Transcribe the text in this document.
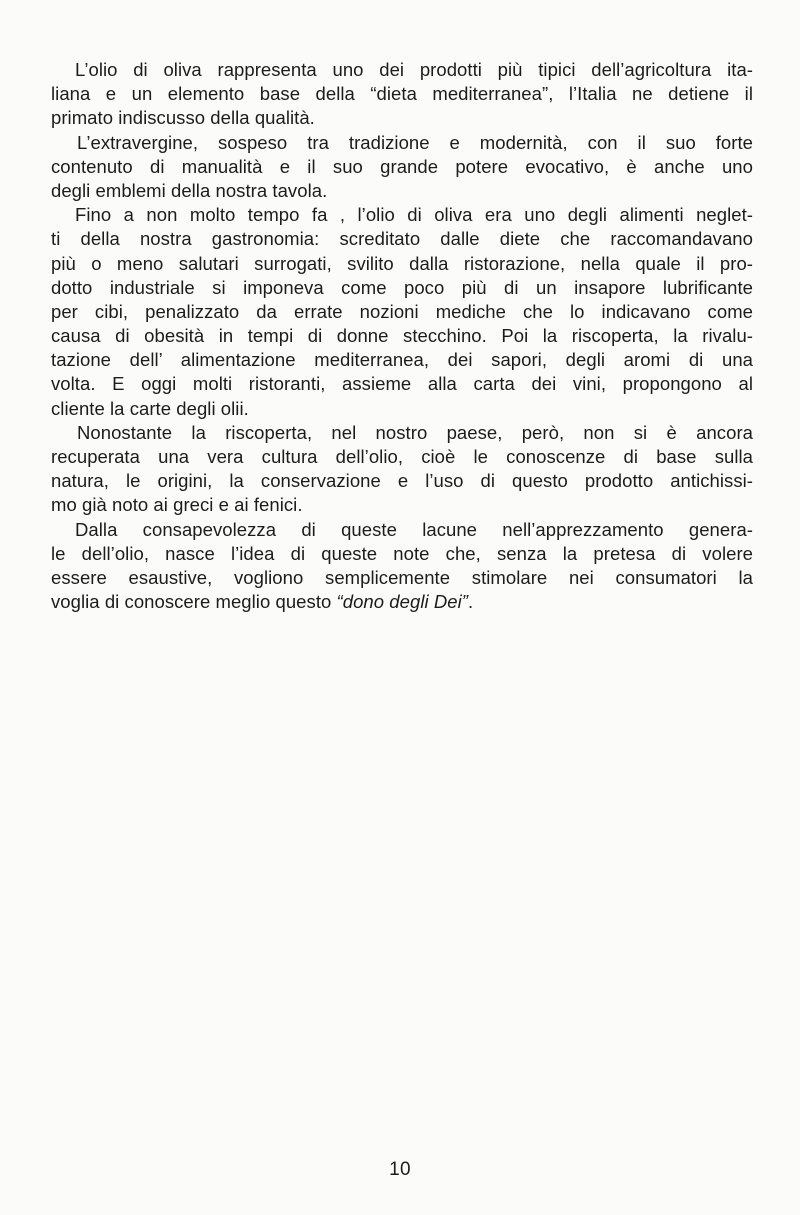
L’olio di oliva rappresenta uno dei prodotti più tipici dell’agricoltura ita-
liana e un elemento base della “dieta mediterranea”, l’Italia ne detiene il
primato indiscusso della qualità.

L’extravergine, sospeso tra tradizione e modernità, con il suo forte
contenuto di manualità e il suo grande potere evocativo, è anche uno
degli emblemi della nostra tavola.

Fino a non molto tempo fa , l’olio di oliva era uno degli alimenti neglet-
ti della nostra gastronomia: screditato dalle diete che raccomandavano
più o meno salutari surrogati, svilito dalla ristorazione, nella quale il pro-
dotto industriale si imponeva come poco più di un insapore lubrificante
per cibi, penalizzato da errate nozioni mediche che lo indicavano come
causa di obesità in tempi di donne stecchino. Poi la riscoperta, la rivalu-
tazione dell’ alimentazione mediterranea, dei sapori, degli aromi di una
volta. E oggi molti ristoranti, assieme alla carta dei vini, propongono al
cliente la carte degli olii.

Nonostante la riscoperta, nel nostro paese, però, non si è ancora
recuperata una vera cultura dell’olio, cioè le conoscenze di base sulla
natura, le origini, la conservazione e l’uso di questo prodotto antichissi-
mo già noto ai greci e ai fenici.

Dalla consapevolezza di queste lacune nell’apprezzamento genera-
le dell’olio, nasce l’idea di queste note che, senza la pretesa di volere
essere esaustive, vogliono semplicemente stimolare nei consumatori la
voglia di conoscere meglio questo “dono degli Dei”.

10
